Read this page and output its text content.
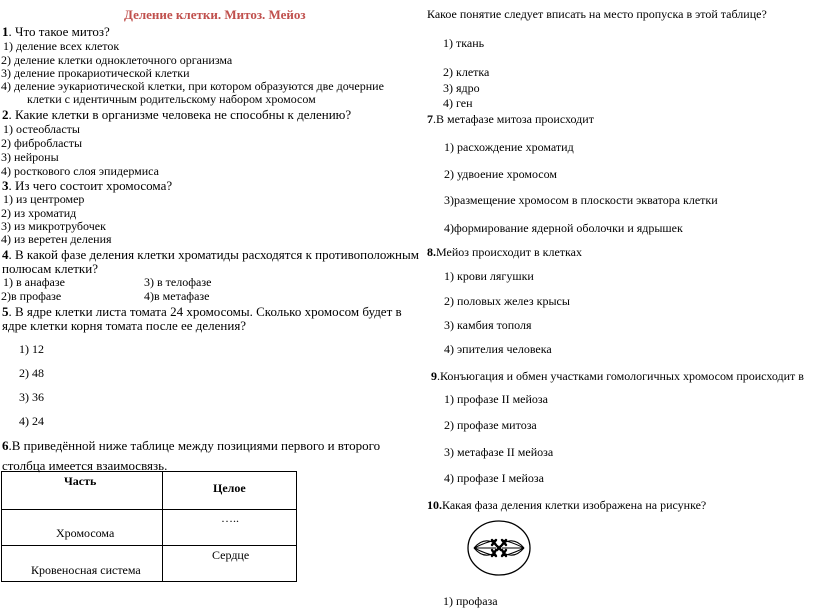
Деление клетки. Митоз. Мейоз
1. Что такое митоз?
1) деление всех клеток
2) деление клетки одноклеточного организма
3) деление прокариотической клетки
4) деление эукариотической клетки, при котором образуются две дочерние
клетки с идентичным родительскому набором хромосом
2. Какие клетки в организме человека не способны к делению?
1) остеобласты
2) фибробласты
3) нейроны
4) росткового слоя эпидермиса
3. Из чего состоит хромосома?
1) из центромер
2) из хроматид
3) из микротрубочек
4) из веретен деления
4. В какой фазе деления клетки хроматиды расходятся к противоположным
полюсам клетки?
1) в анафазе	3) в телофазе
2)в профазе	4)в метафазе
5. В ядре клетки листа томата 24 хромосомы. Сколько хромосом будет в
ядре клетки корня томата после ее деления?
1) 12
2) 48
3) 36
4) 24
6.В приведённой ниже таблице между позициями первого и второго
столбца имеется взаимосвязь.
Часть	Целое

Хромосома	…..

Кровеносная система	Сердце
Какое понятие следует вписать на место пропуска в этой таблице?
1) ткань
2) клетка
3) ядро
4) ген
7.В метафазе митоза происходит
1) расхождение хроматид
2) удвоение хромосом
3)размещение хромосом в плоскости экватора клетки
4)формирование ядерной оболочки и ядрышек
8.Мейоз происходит в клетках
1) крови лягушки
2) половых желез крысы
3) камбия тополя
4) эпителия человека
9.Конъюгация и обмен участками гомологичных хромосом происходит в
1) профазе II мейоза
2) профазе митоза
3) метафазе II мейоза
4) профазе I мейоза
10.Какая фаза деления клетки изображена на рисунке?
1) профаза
